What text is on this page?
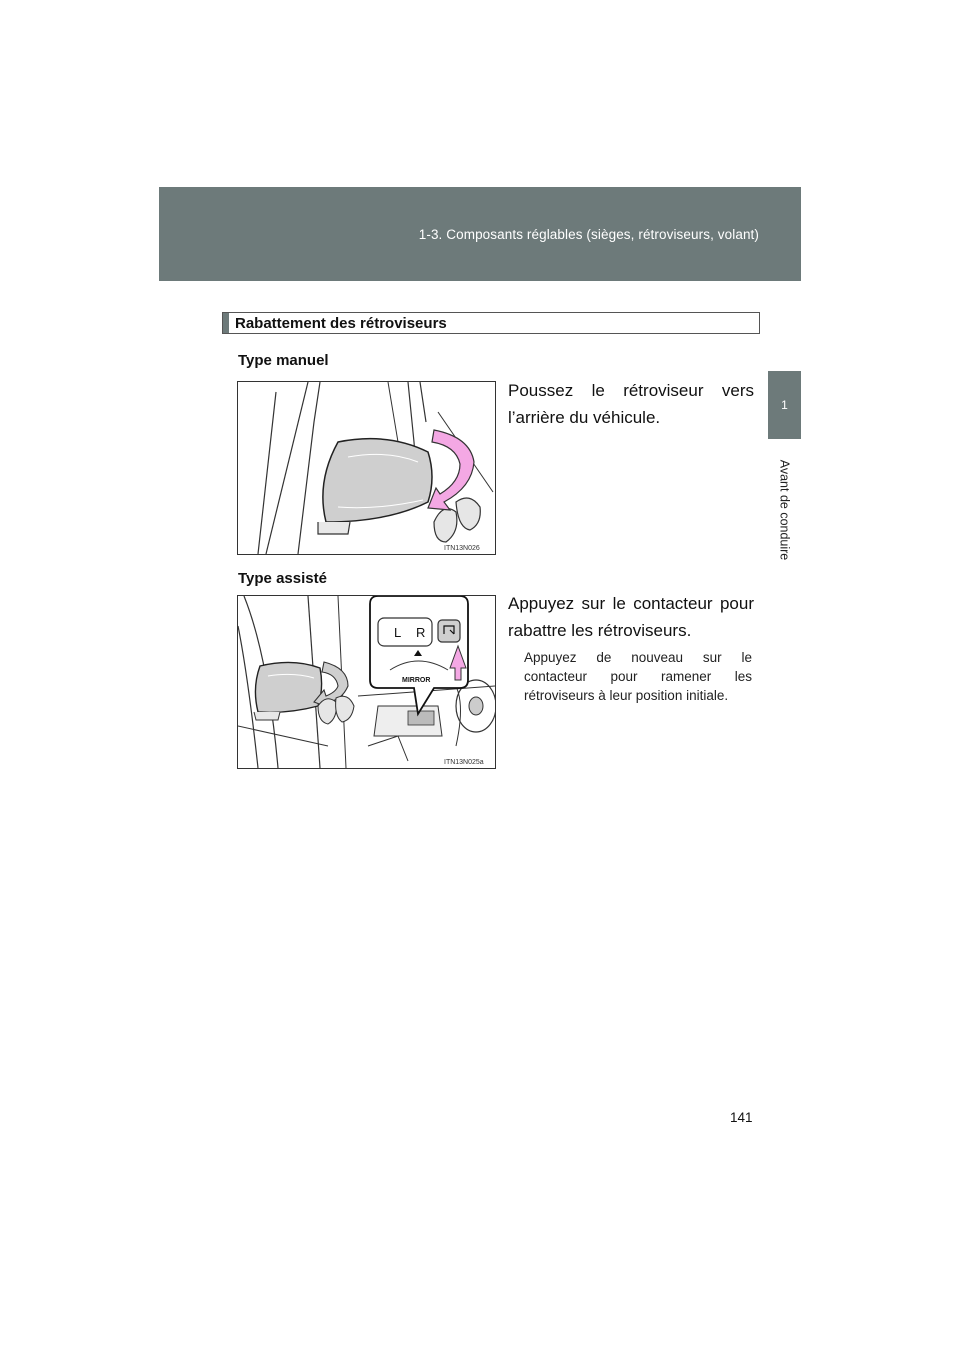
1-3. Composants réglables (sièges, rétroviseurs, volant)
1
Avant de conduire
Rabattement des rétroviseurs
Type manuel
ITN13N026
Poussez le rétroviseur vers l’arrière du véhicule.
Type assisté
L R
MIRROR
ITN13N025a
Appuyez sur le contacteur pour rabattre les rétroviseurs.
Appuyez de nouveau sur le contacteur pour ramener les rétroviseurs à leur position initiale.
141
